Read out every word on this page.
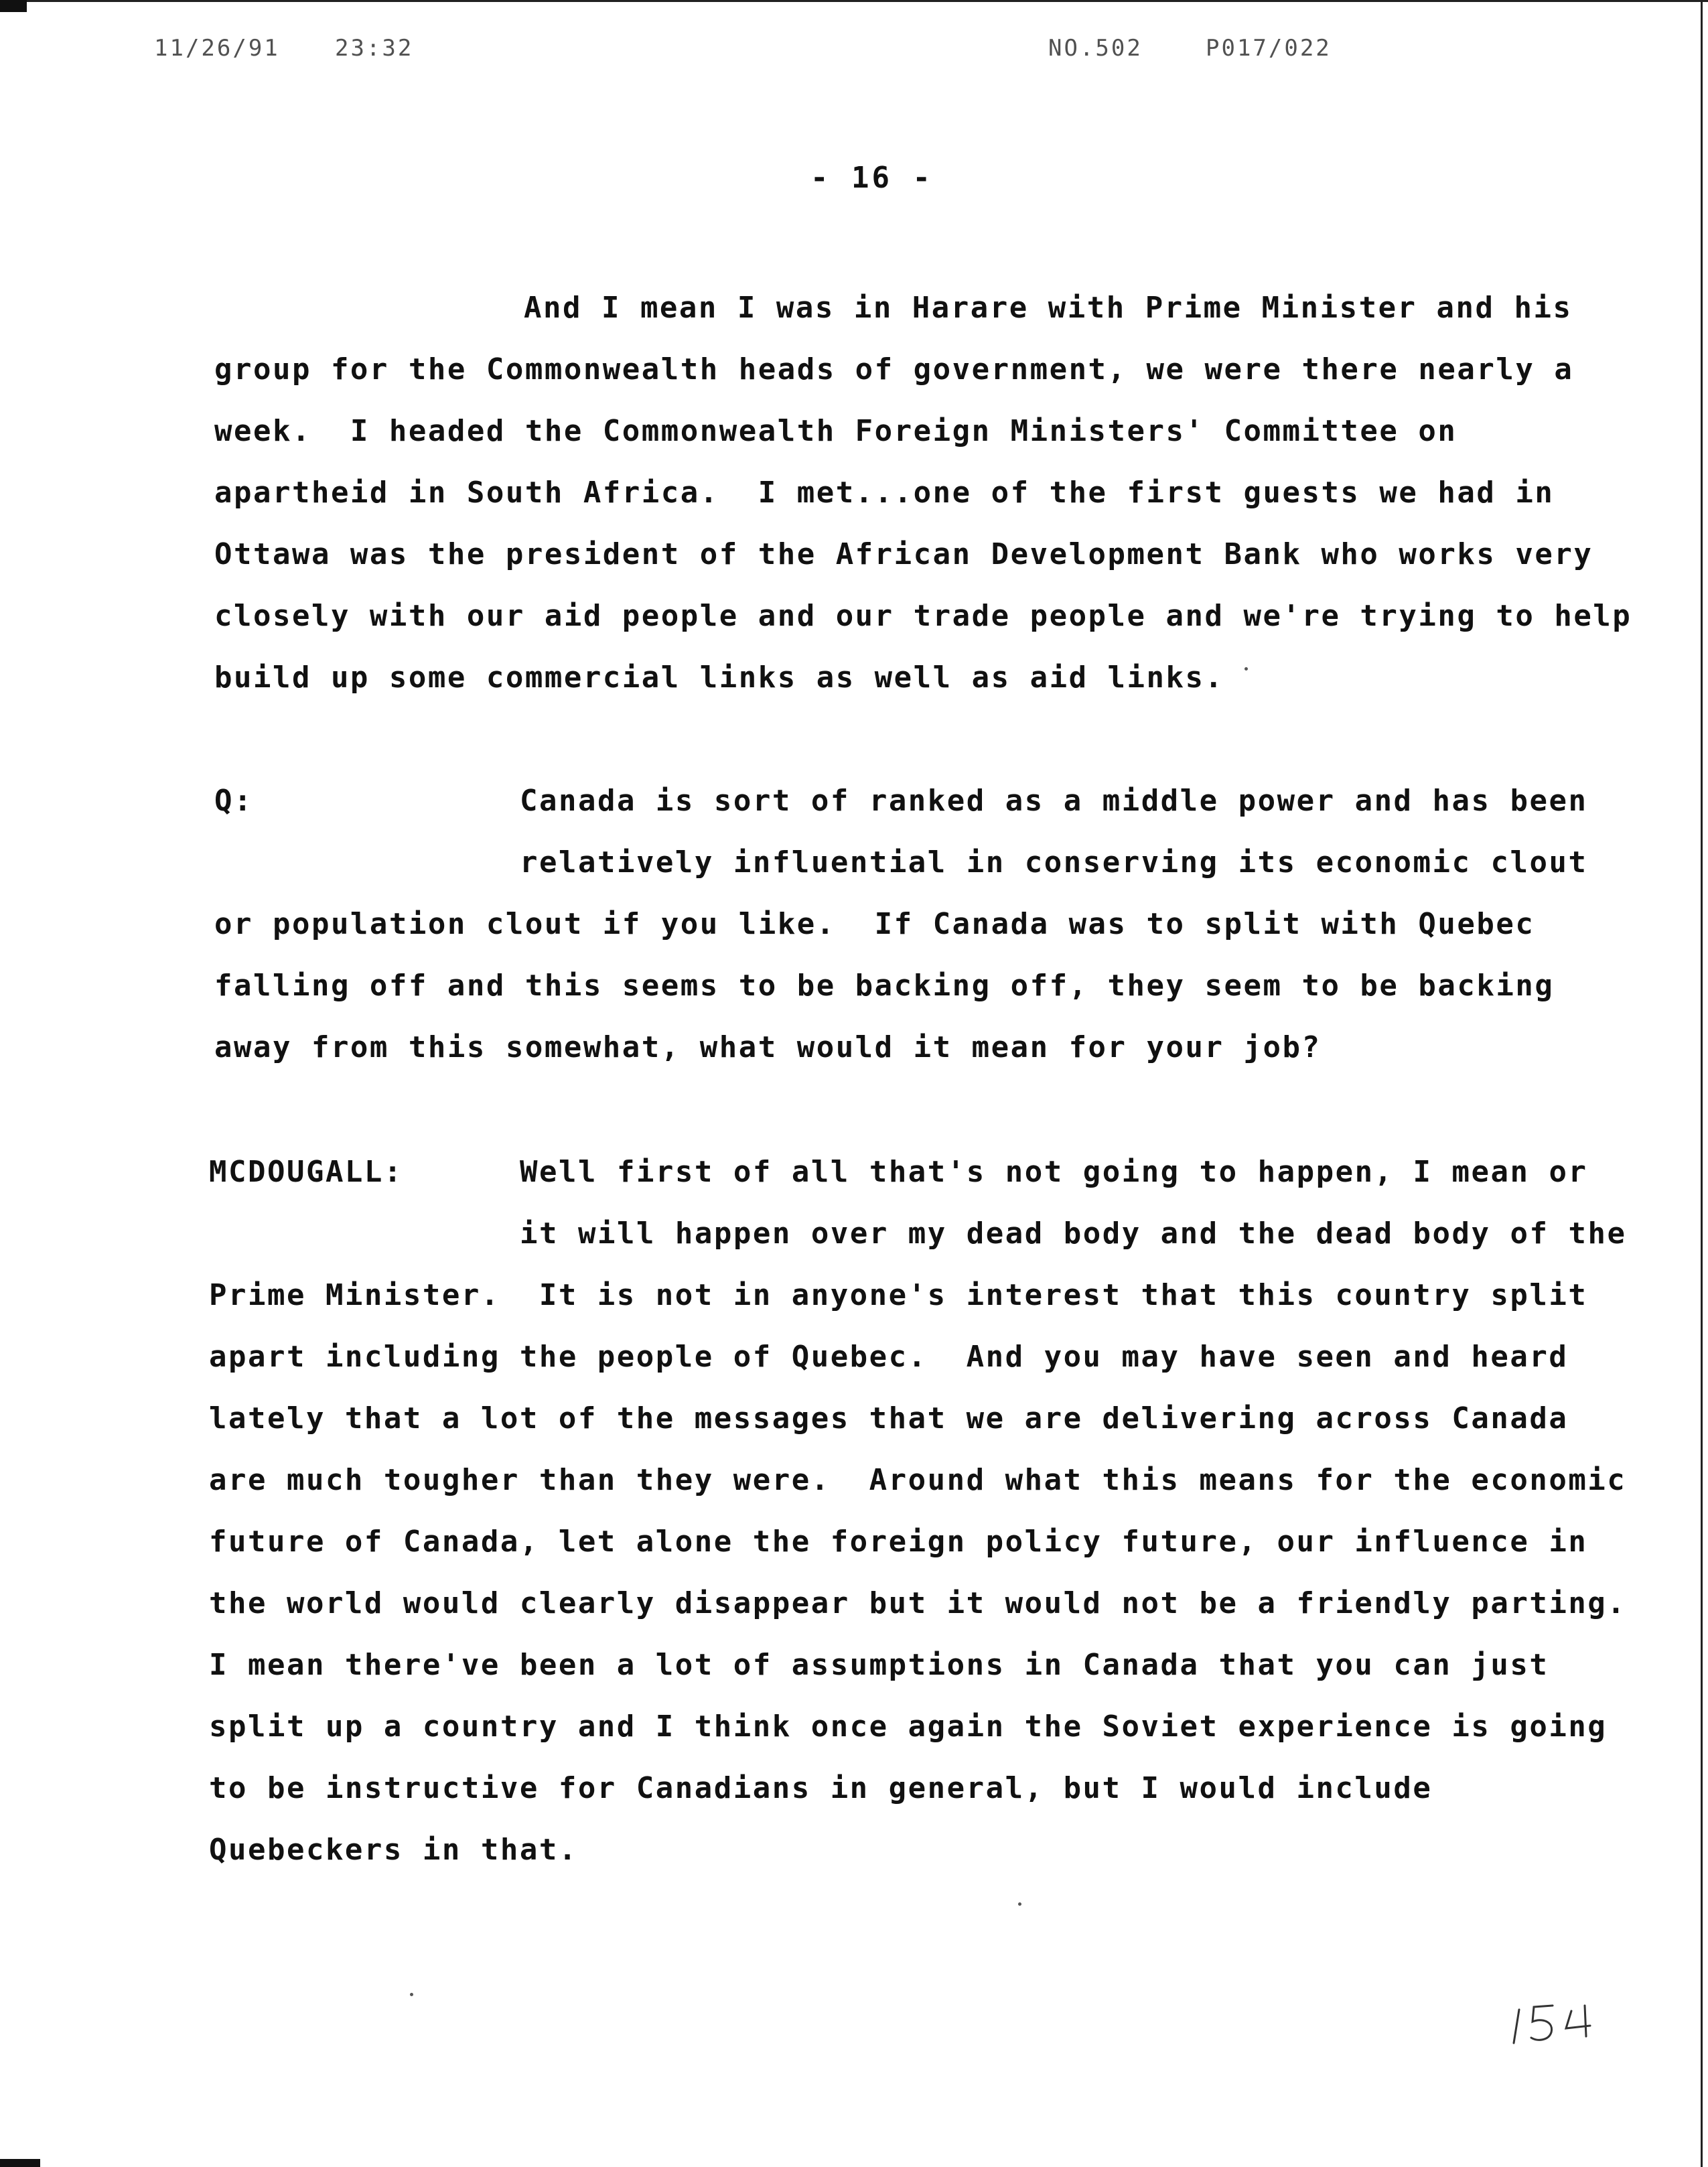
11/26/91 23:32	NO.502	P017/022
- 16 -
And I mean I was in Harare with Prime Minister and his
group for the Commonwealth heads of government, we were there nearly a
week.  I headed the Commonwealth Foreign Ministers' Committee on
apartheid in South Africa.  I met...one of the first guests we had in
Ottawa was the president of the African Development Bank who works very
closely with our aid people and our trade people and we're trying to help
build up some commercial links as well as aid links.
Q:	Canada is sort of ranked as a middle power and has been
relatively influential in conserving its economic clout
or population clout if you like.  If Canada was to split with Quebec
falling off and this seems to be backing off, they seem to be backing
away from this somewhat, what would it mean for your job?
MCDOUGALL:	Well first of all that's not going to happen, I mean or
it will happen over my dead body and the dead body of the
Prime Minister.  It is not in anyone's interest that this country split
apart including the people of Quebec.  And you may have seen and heard
lately that a lot of the messages that we are delivering across Canada
are much tougher than they were.  Around what this means for the economic
future of Canada, let alone the foreign policy future, our influence in
the world would clearly disappear but it would not be a friendly parting.
I mean there've been a lot of assumptions in Canada that you can just
split up a country and I think once again the Soviet experience is going
to be instructive for Canadians in general, but I would include
Quebeckers in that.
